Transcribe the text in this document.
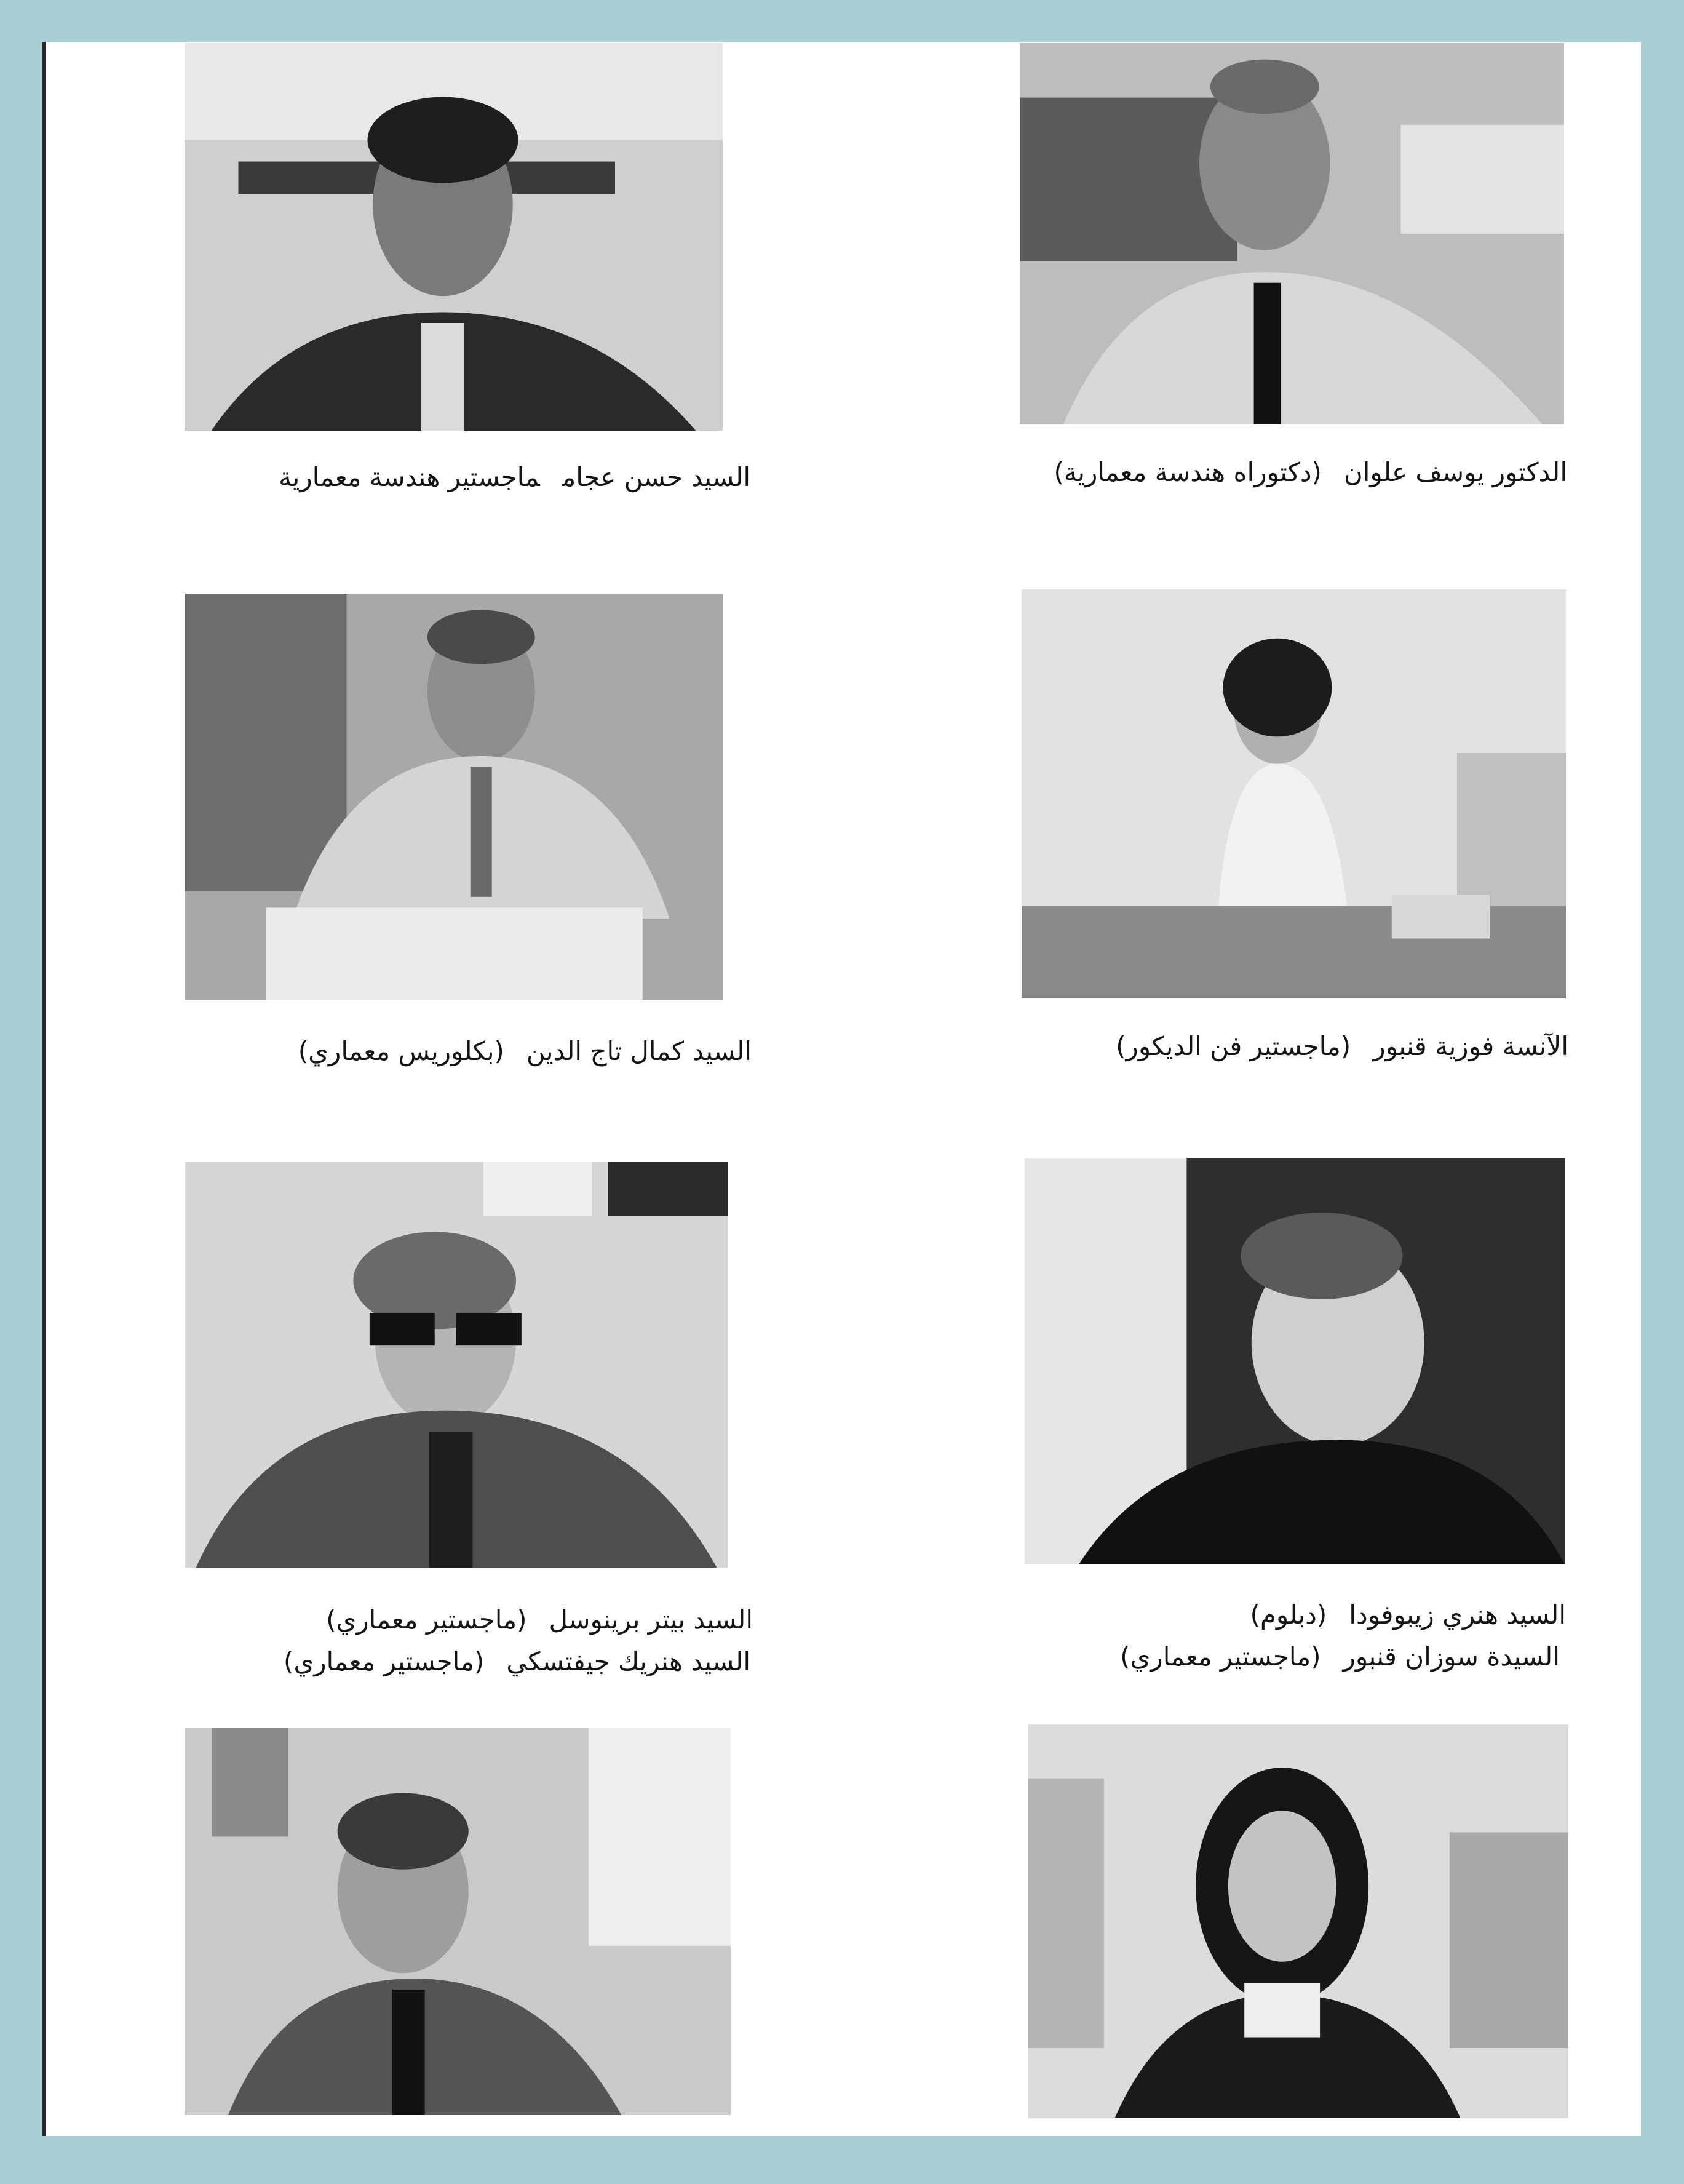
السيد حسن عجامماجستير هندسة معمارية	الدكتور يوسف علوان(دكتوراه هندسة معمارية)
السيد كمال تاج الدين(بكلوريس معماري)	الآنسة فوزية قنبور(ماجستير فن الديكور)
السيد بيتر برينوسل(ماجستير معماري)	السيد هنري زيبوفودا(دبلوم)
السيد هنريك جيفتسكي(ماجستير معماري)	السيدة سوزان قنبور(ماجستير معماري)
